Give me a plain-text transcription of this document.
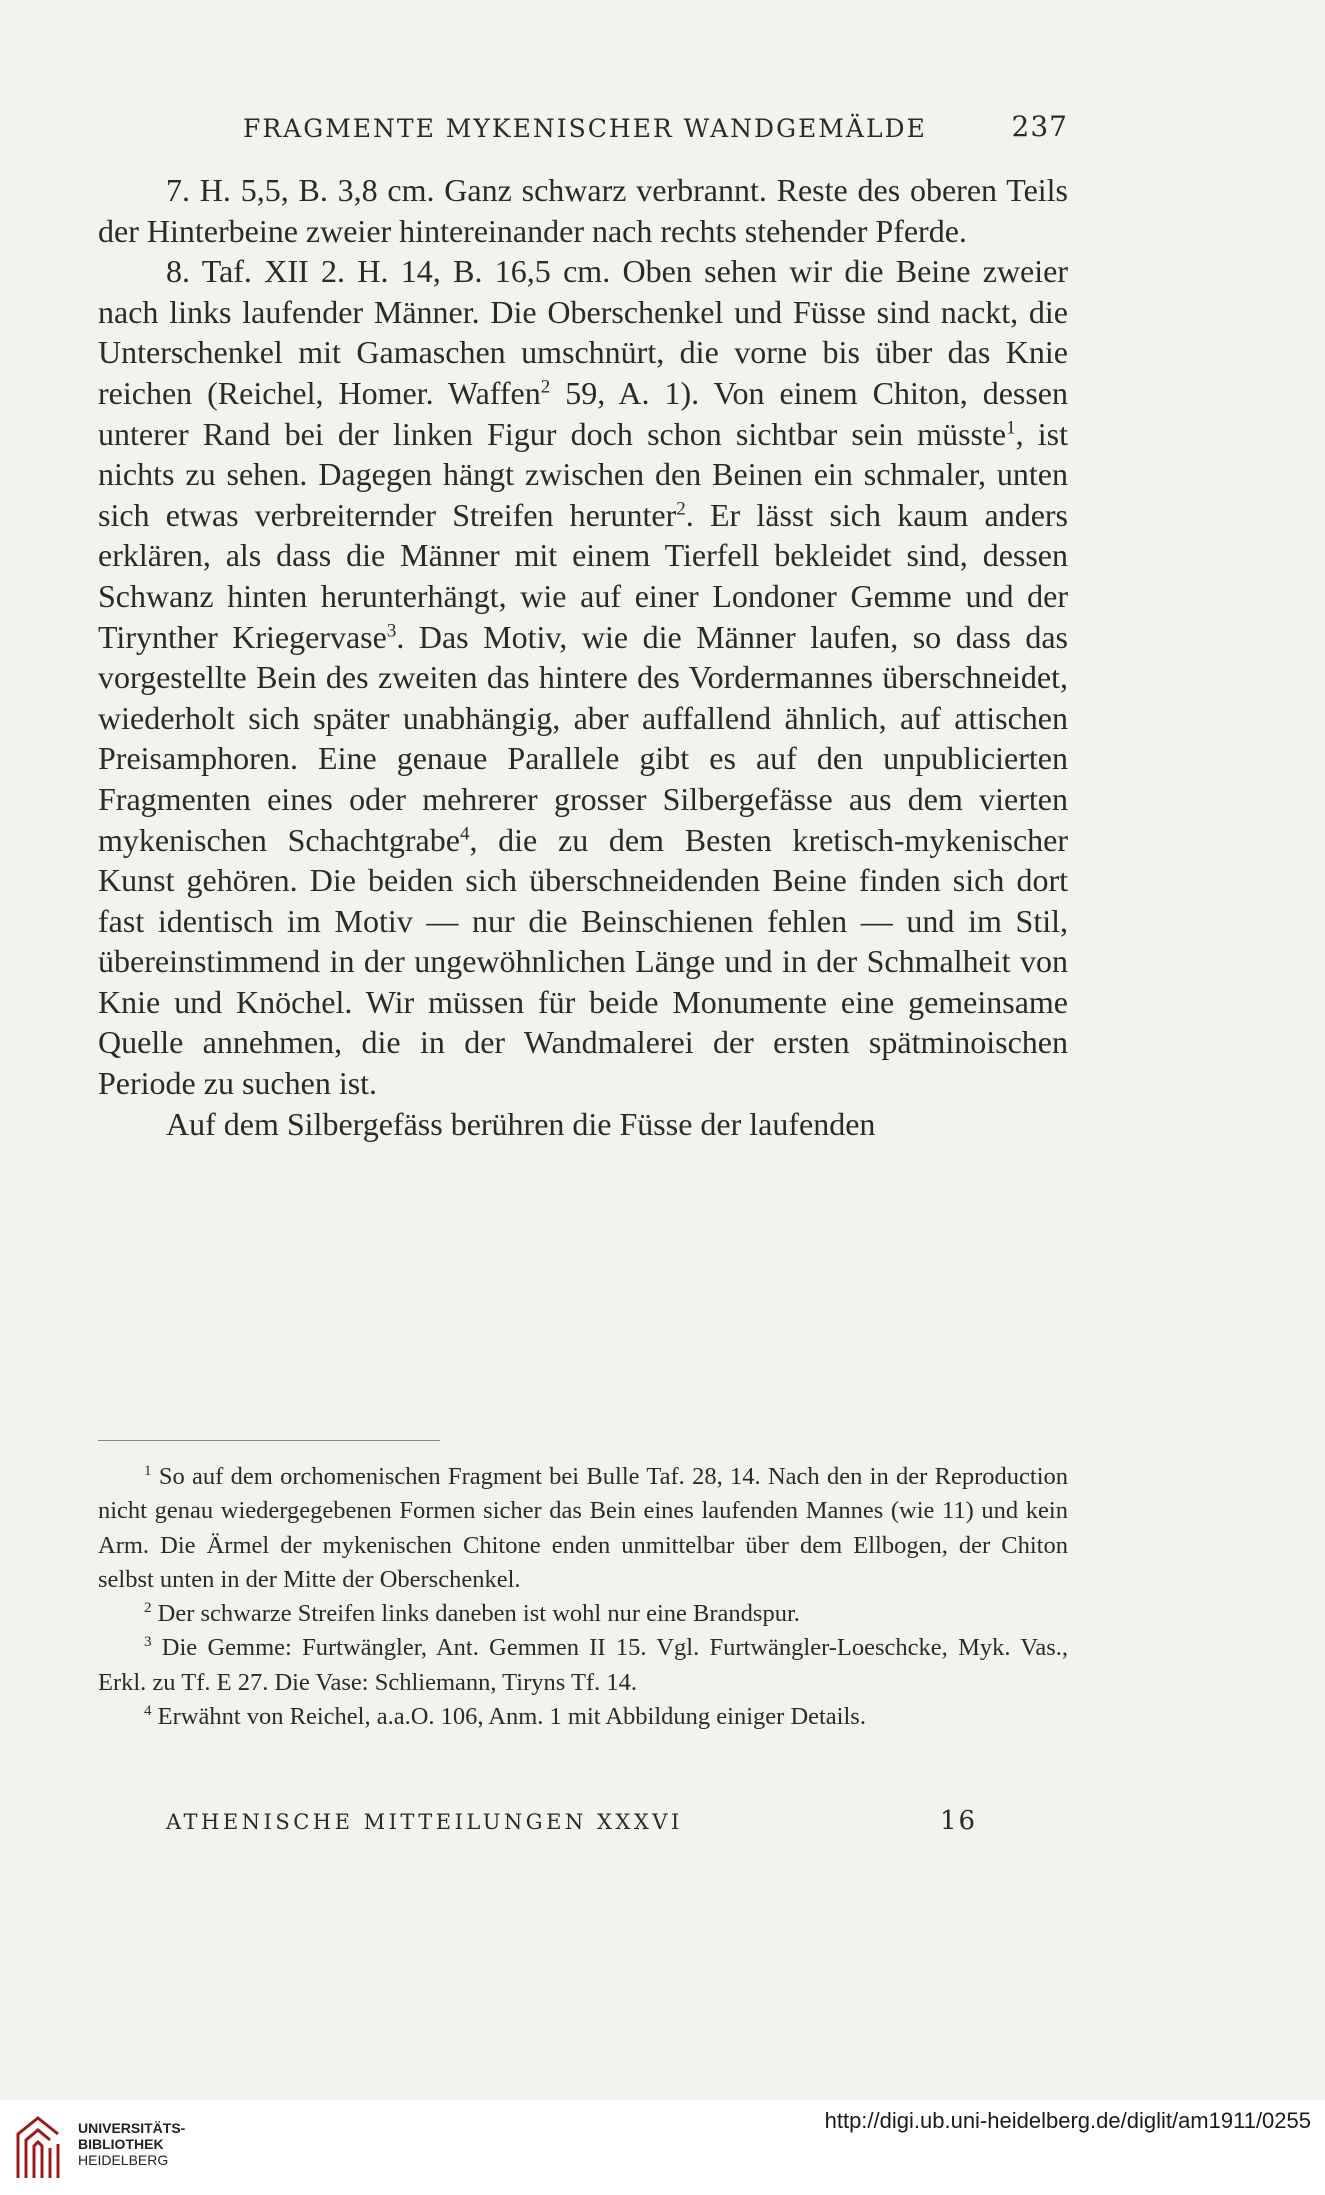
FRAGMENTE MYKENISCHER WANDGEMÄLDE	237

7. H. 5,5, B. 3,8 cm. Ganz schwarz verbrannt. Reste des oberen Teils der Hinterbeine zweier hintereinander nach rechts stehender Pferde.

8. Taf. XII 2. H. 14, B. 16,5 cm. Oben sehen wir die Beine zweier nach links laufender Männer. Die Oberschenkel und Füsse sind nackt, die Unterschenkel mit Gamaschen umschnürt, die vorne bis über das Knie reichen (Reichel, Homer. Waffen$^2$ 59, A. 1). Von einem Chiton, dessen unterer Rand bei der linken Figur doch schon sichtbar sein müsste$^1$, ist nichts zu sehen. Dagegen hängt zwischen den Beinen ein schmaler, unten sich etwas verbreiternder Streifen herunter$^2$. Er lässt sich kaum anders erklären, als dass die Männer mit einem Tierfell bekleidet sind, dessen Schwanz hinten herunterhängt, wie auf einer Londoner Gemme und der Tirynther Kriegervase$^3$. Das Motiv, wie die Männer laufen, so dass das vorgestellte Bein des zweiten das hintere des Vordermannes überschneidet, wiederholt sich später unabhängig, aber auffallend ähnlich, auf attischen Preisamphoren. Eine genaue Parallele gibt es auf den unpublicierten Fragmenten eines oder mehrerer grosser Silbergefässe aus dem vierten mykenischen Schachtgrabe$^4$, die zu dem Besten kretisch-mykenischer Kunst gehören. Die beiden sich überschneidenden Beine finden sich dort fast identisch im Motiv — nur die Beinschienen fehlen — und im Stil, übereinstimmend in der ungewöhnlichen Länge und in der Schmalheit von Knie und Knöchel. Wir müssen für beide Monumente eine gemeinsame Quelle annehmen, die in der Wandmalerei der ersten spätminoischen Periode zu suchen ist.

Auf dem Silbergefäss berühren die Füsse der laufenden

$^1$ So auf dem orchomenischen Fragment bei Bulle Taf. 28, 14. Nach den in der Reproduction nicht genau wiedergegebenen Formen sicher das Bein eines laufenden Mannes (wie 11) und kein Arm. Die Ärmel der mykenischen Chitone enden unmittelbar über dem Ellbogen, der Chiton selbst unten in der Mitte der Oberschenkel.

$^2$ Der schwarze Streifen links daneben ist wohl nur eine Brandspur.

$^3$ Die Gemme: Furtwängler, Ant. Gemmen II 15. Vgl. Furtwängler-Loeschcke, Myk. Vas., Erkl. zu Tf. E 27. Die Vase: Schliemann, Tiryns Tf. 14.

$^4$ Erwähnt von Reichel, a.a.O. 106, Anm. 1 mit Abbildung einiger Details.

ATHENISCHE MITTEILUNGEN XXXVI	16
UNIVERSITÄTS-
BIBLIOTHEK
HEIDELBERG
http://digi.ub.uni-heidelberg.de/diglit/am1911/0255
